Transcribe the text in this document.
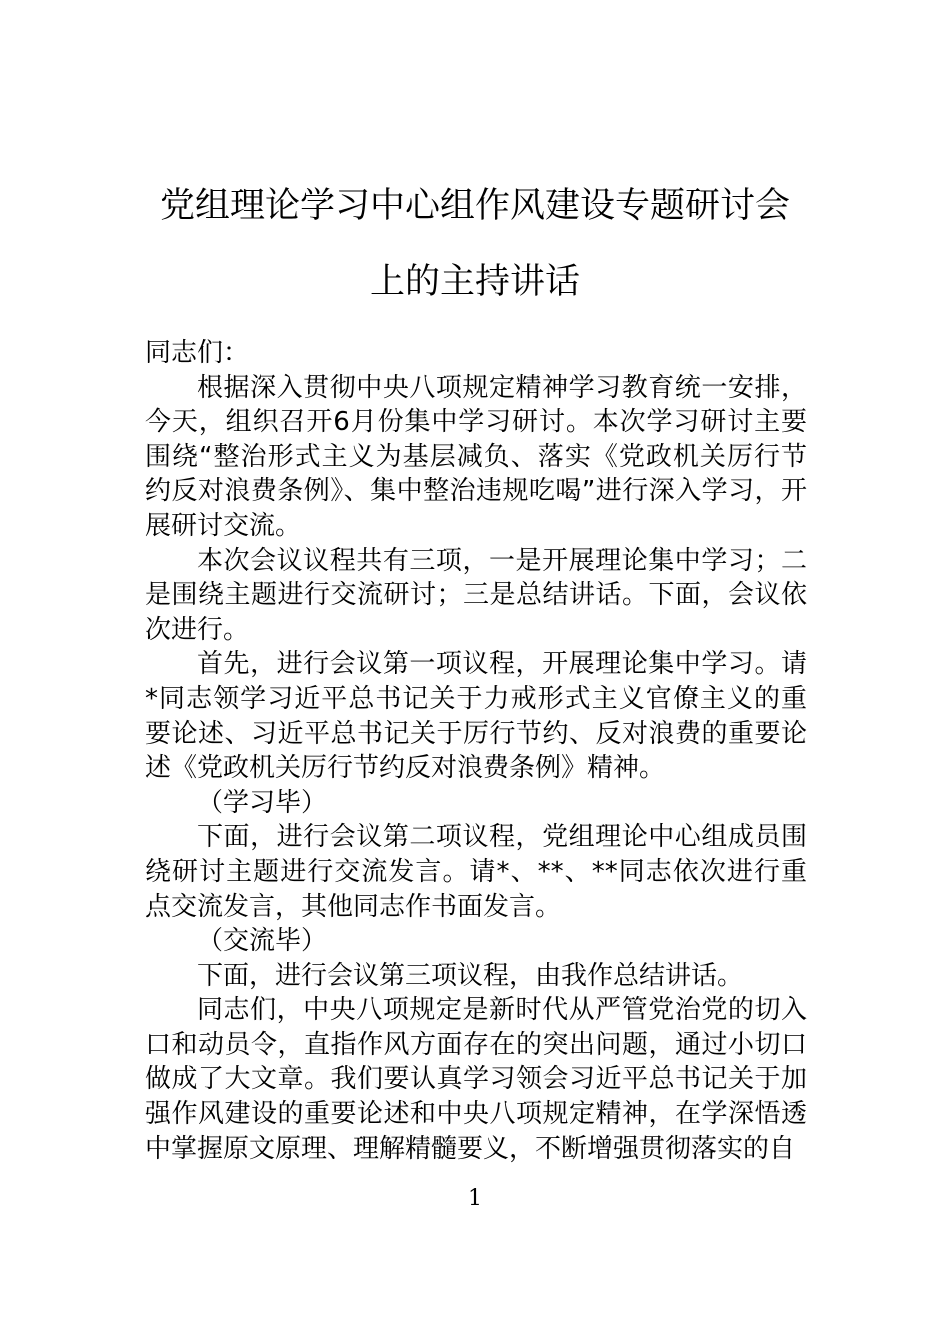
党组理论学习中心组作风建设专题研讨会
上的主持讲话

同志们：

根据深入贯彻中央八项规定精神学习教育统一安排，今天，组织召开6月份集中学习研讨。本次学习研讨主要围绕“整治形式主义为基层减负、落实《党政机关厉行节约反对浪费条例》、集中整治违规吃喝”进行深入学习，开展研讨交流。

本次会议议程共有三项，一是开展理论集中学习；二是围绕主题进行交流研讨；三是总结讲话。下面，会议依次进行。

首先，进行会议第一项议程，开展理论集中学习。请*同志领学习近平总书记关于力戒形式主义官僚主义的重要论述、习近平总书记关于厉行节约、反对浪费的重要论述《党政机关厉行节约反对浪费条例》精神。

（学习毕）

下面，进行会议第二项议程，党组理论中心组成员围绕研讨主题进行交流发言。请*、**、**同志依次进行重点交流发言，其他同志作书面发言。

（交流毕）

下面，进行会议第三项议程，由我作总结讲话。

同志们，中央八项规定是新时代从严管党治党的切入口和动员令，直指作风方面存在的突出问题，通过小切口做成了大文章。我们要认真学习领会习近平总书记关于加强作风建设的重要论述和中央八项规定精神，在学深悟透中掌握原文原理、理解精髓要义，不断增强贯彻落实的自

1
